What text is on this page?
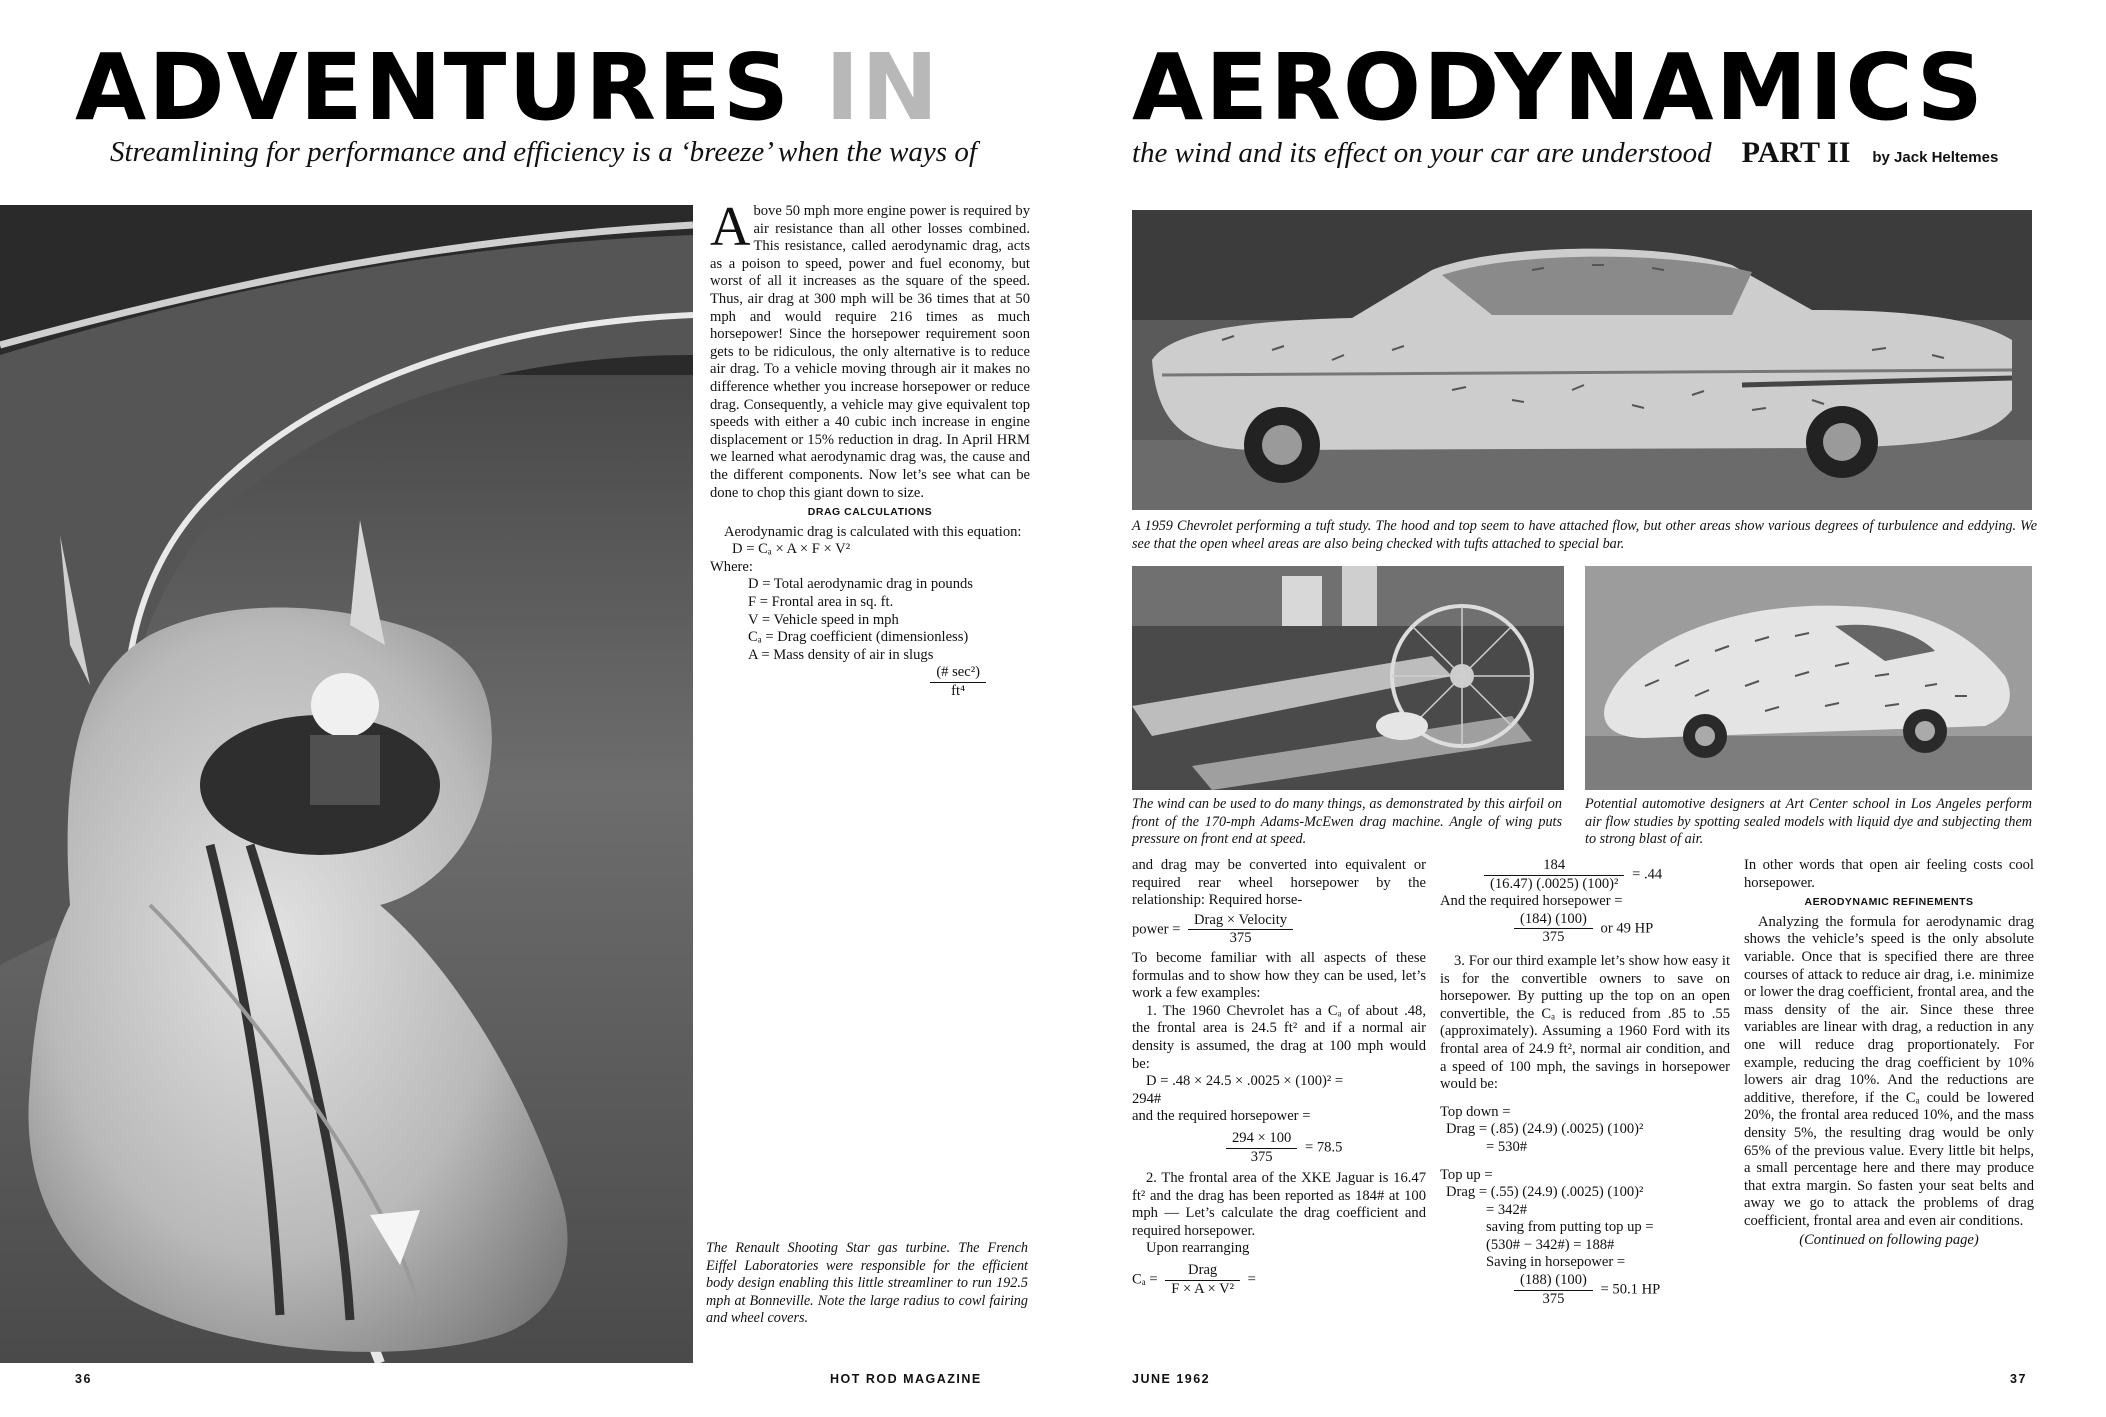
ADVENTURES IN
Streamlining for performance and efficiency is a ‘breeze’ when the ways of

Above 50 mph more engine power is required by air resistance than all other losses combined. This resistance, called aerodynamic drag, acts as a poison to speed, power and fuel economy, but worst of all it increases as the square of the speed. Thus, air drag at 300 mph will be 36 times that at 50 mph and would require 216 times as much horsepower! Since the horsepower requirement soon gets to be ridiculous, the only alternative is to reduce air drag. To a vehicle moving through air it makes no difference whether you increase horsepower or reduce drag. Consequently, a vehicle may give equivalent top speeds with either a 40 cubic inch increase in engine displacement or 15% reduction in drag. In April HRM we learned what aerodynamic drag was, the cause and the different components. Now let’s see what can be done to chop this giant down to size.

DRAG CALCULATIONS

Aerodynamic drag is calculated with this equation:

D = Cₐ × A × F × V²

Where:

D = Total aerodynamic drag in pounds

F = Frontal area in sq. ft.

V = Vehicle speed in mph

Cₐ = Drag coefficient (dimensionless)

A = Mass density of air in slugs

$\frac{\text{(\# sec²)}}{\text{ft⁴}}$

The Renault Shooting Star gas turbine. The French Eiffel Laboratories were responsible for the efficient body design enabling this little streamliner to run 192.5 mph at Bonneville. Note the large radius to cowl fairing and wheel covers.
36	HOT ROD MAGAZINE
AERODYNAMICS
the wind and its effect on your car are understood PART II by Jack Heltemes
A 1959 Chevrolet performing a tuft study. The hood and top seem to have attached flow, but other areas show various degrees of turbulence and eddying. We see that the open wheel areas are also being checked with tufts attached to special bar.
The wind can be used to do many things, as demonstrated by this airfoil on front of the 170-mph Adams-McEwen drag machine. Angle of wing puts pressure on front end at speed.
Potential automotive designers at Art Center school in Los Angeles perform air flow studies by spotting sealed models with liquid dye and subjecting them to strong blast of air.

and drag may be converted into equivalent or required rear wheel horsepower by the relationship: Required horse-

power = $\frac{\text{Drag × Velocity}}{375}$

To become familiar with all aspects of these formulas and to show how they can be used, let’s work a few examples:

1. The 1960 Chevrolet has a Cₐ of about .48, the frontal area is 24.5 ft² and if a normal air density is assumed, the drag at 100 mph would be:

D = .48 × 24.5 × .0025 × (100)² =

294#

and the required horsepower =

$\frac{294 \times 100}{375} = 78.5$

2. The frontal area of the XKE Jaguar is 16.47 ft² and the drag has been reported as 184# at 100 mph — Let’s calculate the drag coefficient and required horsepower.

Upon rearranging

$C_a = \frac{\text{Drag}}{\text{F × A × V²}}$ =

$\frac{184}{\text{(16.47) (.0025) (100)²}} = .44$

And the required horsepower =

$\frac{(184) (100)}{375}$ or 49 HP

3. For our third example let’s show how easy it is for the convertible owners to save on horsepower. By putting up the top on an open convertible, the Cₐ is reduced from .85 to .55 (approximately). Assuming a 1960 Ford with its frontal area of 24.9 ft², normal air condition, and a speed of 100 mph, the savings in horsepower would be:

Top down =

Drag = (.85) (24.9) (.0025) (100)²

= 530#

Top up =

Drag = (.55) (24.9) (.0025) (100)²

= 342#

saving from putting top up =

(530# − 342#) = 188#

Saving in horsepower =

$\frac{(188) (100)}{375} = 50.1$ HP

In other words that open air feeling costs cool horsepower.

AERODYNAMIC REFINEMENTS

Analyzing the formula for aerodynamic drag shows the vehicle’s speed is the only absolute variable. Once that is specified there are three courses of attack to reduce air drag, i.e. minimize or lower the drag coefficient, frontal area, and the mass density of the air. Since these three variables are linear with drag, a reduction in any one will reduce drag proportionately. For example, reducing the drag coefficient by 10% lowers air drag 10%. And the reductions are additive, therefore, if the Cₐ could be lowered 20%, the frontal area reduced 10%, and the mass density 5%, the resulting drag would be only 65% of the previous value. Every little bit helps, a small percentage here and there may produce that extra margin. So fasten your seat belts and away we go to attack the problems of drag coefficient, frontal area and even air conditions.

(Continued on following page)

JUNE 1962	37
